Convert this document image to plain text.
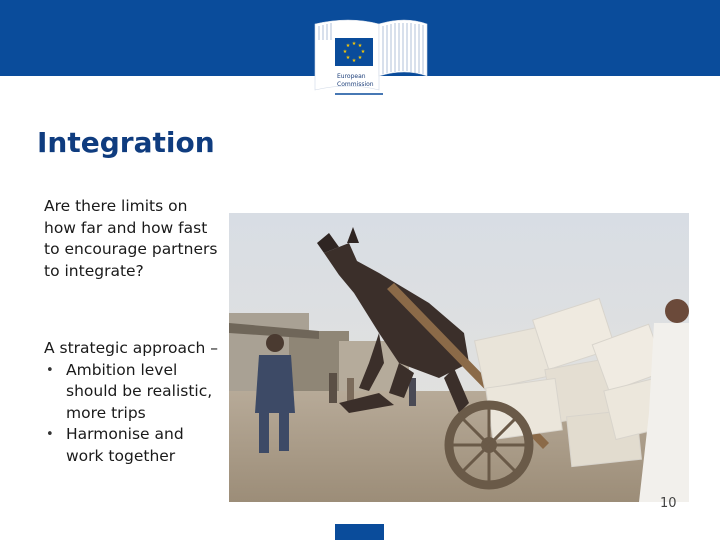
★ ★
★
★
★
★
★
★
European
Commission
Integration
Are there limits on how far and how fast to encourage partners to integrate?
A strategic approach –
• Ambition level should be realistic, more trips
• Harmonise and work together
10
